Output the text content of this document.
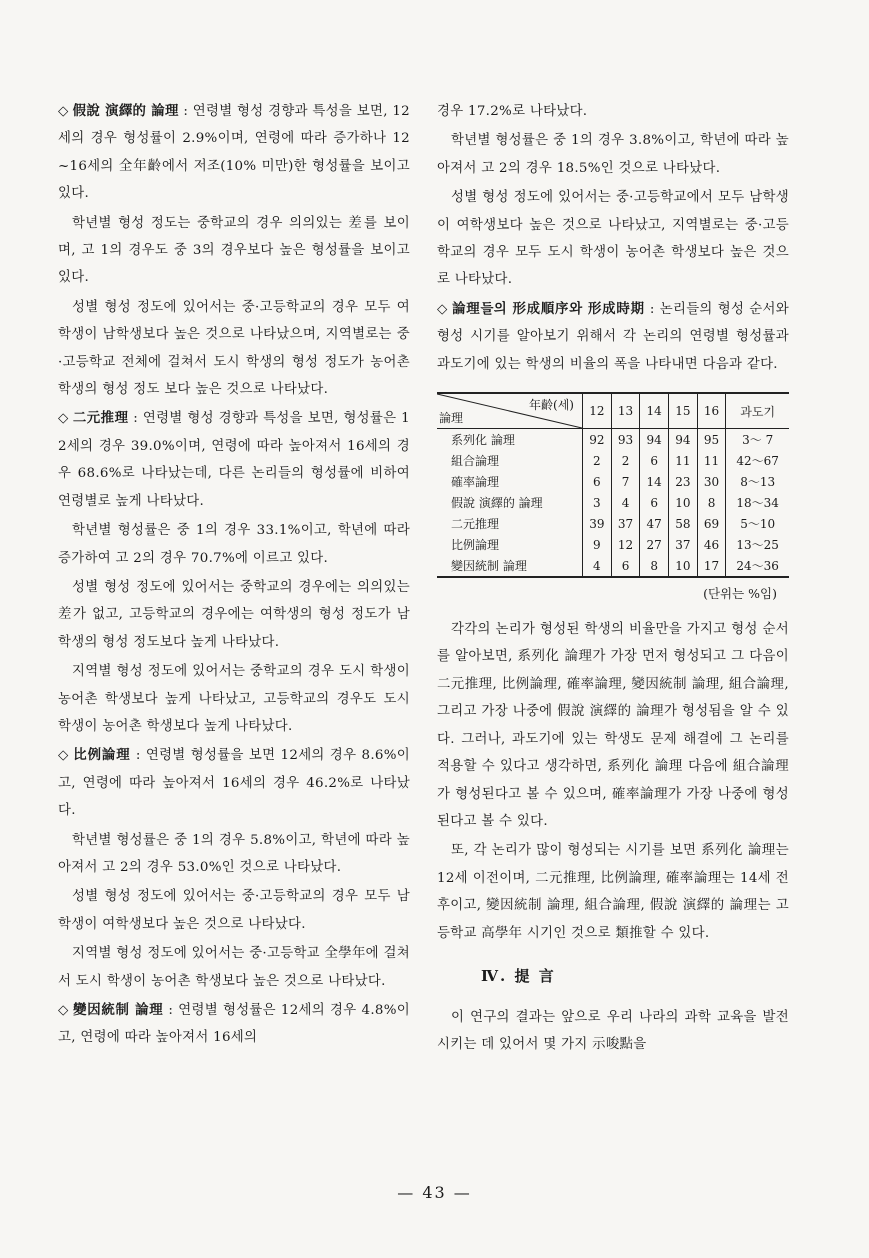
◇ 假說 演繹的 論理 : 연령별 형성 경향과 특성을 보면, 12세의 경우 형성률이 2.9%이며, 연령에 따라 증가하나 12~16세의 全年齡에서 저조(10% 미만)한 형성률을 보이고 있다.

학년별 형성 정도는 중학교의 경우 의의있는 差를 보이며, 고 1의 경우도 중 3의 경우보다 높은 형성률을 보이고 있다.

성별 형성 정도에 있어서는 중·고등학교의 경우 모두 여학생이 남학생보다 높은 것으로 나타났으며, 지역별로는 중·고등학교 전체에 걸쳐서 도시 학생의 형성 정도가 농어촌 학생의 형성 정도 보다 높은 것으로 나타났다.

◇ 二元推理 : 연령별 형성 경향과 특성을 보면, 형성률은 12세의 경우 39.0%이며, 연령에 따라 높아져서 16세의 경우 68.6%로 나타났는데, 다른 논리들의 형성률에 비하여 연령별로 높게 나타났다.

학년별 형성률은 중 1의 경우 33.1%이고, 학년에 따라 증가하여 고 2의 경우 70.7%에 이르고 있다.

성별 형성 정도에 있어서는 중학교의 경우에는 의의있는 差가 없고, 고등학교의 경우에는 여학생의 형성 정도가 남학생의 형성 정도보다 높게 나타났다.

지역별 형성 정도에 있어서는 중학교의 경우 도시 학생이 농어촌 학생보다 높게 나타났고, 고등학교의 경우도 도시 학생이 농어촌 학생보다 높게 나타났다.

◇ 比例論理 : 연령별 형성률을 보면 12세의 경우 8.6%이고, 연령에 따라 높아져서 16세의 경우 46.2%로 나타났다.

학년별 형성률은 중 1의 경우 5.8%이고, 학년에 따라 높아져서 고 2의 경우 53.0%인 것으로 나타났다.

성별 형성 정도에 있어서는 중·고등학교의 경우 모두 남학생이 여학생보다 높은 것으로 나타났다.

지역별 형성 정도에 있어서는 중·고등학교 全學年에 걸쳐서 도시 학생이 농어촌 학생보다 높은 것으로 나타났다.

◇ 變因統制 論理 : 연령별 형성률은 12세의 경우 4.8%이고, 연령에 따라 높아져서 16세의

경우 17.2%로 나타났다.

학년별 형성률은 중 1의 경우 3.8%이고, 학년에 따라 높아져서 고 2의 경우 18.5%인 것으로 나타났다.

성별 형성 정도에 있어서는 중·고등학교에서 모두 남학생이 여학생보다 높은 것으로 나타났고, 지역별로는 중·고등학교의 경우 모두 도시 학생이 농어촌 학생보다 높은 것으로 나타났다.

◇ 論理들의 形成順序와 形成時期 : 논리들의 형성 순서와 형성 시기를 알아보기 위해서 각 논리의 연령별 형성률과 과도기에 있는 학생의 비율의 폭을 나타내면 다음과 같다.

年齡(세)
論理	12	13	14	15	16	과도기
系列化 論理	92	93	94	94	95	3～ 7
組合論理	2	2	6	11	11	42～67
確率論理	6	7	14	23	30	8～13
假說 演繹的 論理	3	4	6	10	8	18～34
二元推理	39	37	47	58	69	5～10
比例論理	9	12	27	37	46	13～25
變因統制 論理	4	6	8	10	17	24～36
(단위는 %임)

각각의 논리가 형성된 학생의 비율만을 가지고 형성 순서를 알아보면, 系列化 論理가 가장 먼저 형성되고 그 다음이 二元推理, 比例論理, 確率論理, 變因統制 論理, 組合論理, 그리고 가장 나중에 假說 演繹的 論理가 형성됨을 알 수 있다. 그러나, 과도기에 있는 학생도 문제 해결에 그 논리를 적용할 수 있다고 생각하면, 系列化 論理 다음에 組合論理가 형성된다고 볼 수 있으며, 確率論理가 가장 나중에 형성된다고 볼 수 있다.

또, 각 논리가 많이 형성되는 시기를 보면 系列化 論理는 12세 이전이며, 二元推理, 比例論理, 確率論理는 14세 전후이고, 變因統制 論理, 組合論理, 假說 演繹的 論理는 고등학교 高學年 시기인 것으로 類推할 수 있다.

Ⅳ. 提 言

이 연구의 결과는 앞으로 우리 나라의 과학 교육을 발전시키는 데 있어서 몇 가지 示唆點을

— 43 —
